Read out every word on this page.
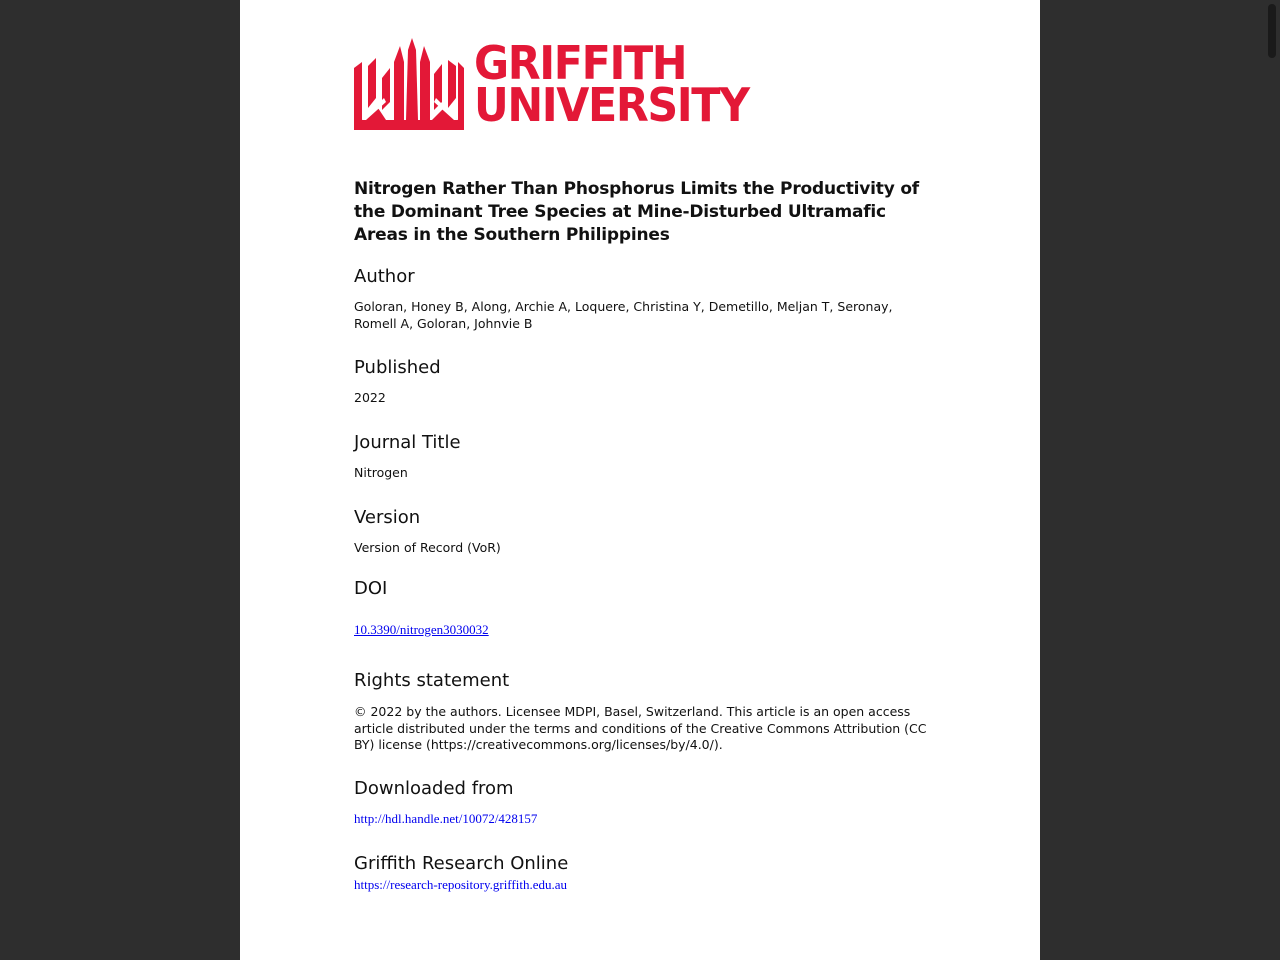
GRIFFITH
UNIVERSITY
Nitrogen Rather Than Phosphorus Limits the Productivity of the Dominant Tree Species at Mine-Disturbed Ultramafic Areas in the Southern Philippines
Author
Goloran, Honey B, Along, Archie A, Loquere, Christina Y, Demetillo, Meljan T, Seronay, Romell A, Goloran, Johnvie B
Published
2022
Journal Title
Nitrogen
Version
Version of Record (VoR)
DOI
10.3390/nitrogen3030032
Rights statement
© 2022 by the authors. Licensee MDPI, Basel, Switzerland. This article is an open access article distributed under the terms and conditions of the Creative Commons Attribution (CC BY) license (https://creativecommons.org/licenses/by/4.0/).
Downloaded from
http://hdl.handle.net/10072/428157
Griffith Research Online
https://research-repository.griffith.edu.au
